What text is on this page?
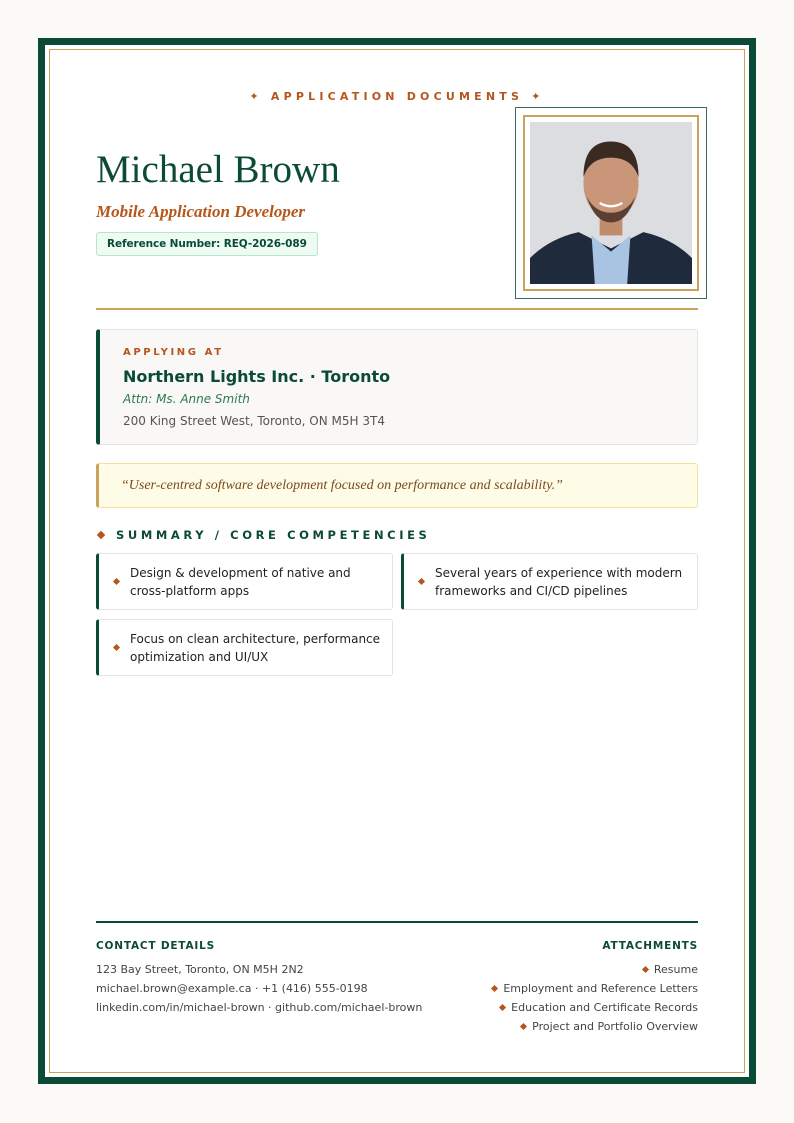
✦ APPLICATION DOCUMENTS ✦
Michael Brown
Mobile Application Developer
Reference Number: REQ-2026-089
APPLYING AT
Northern Lights Inc. · Toronto
Attn: Ms. Anne Smith
200 King Street West, Toronto, ON M5H 3T4
“User-centred software development focused on performance and scalability.”
SUMMARY / CORE COMPETENCIES
Design & development of native and cross-platform apps
Several years of experience with modern frameworks and CI/CD pipelines
Focus on clean architecture, performance optimization and UI/UX
CONTACT DETAILS
123 Bay Street, Toronto, ON M5H 2N2
michael.brown@example.ca · +1 (416) 555-0198
linkedin.com/in/michael-brown · github.com/michael-brown
ATTACHMENTS
Resume
Employment and Reference Letters
Education and Certificate Records
Project and Portfolio Overview
